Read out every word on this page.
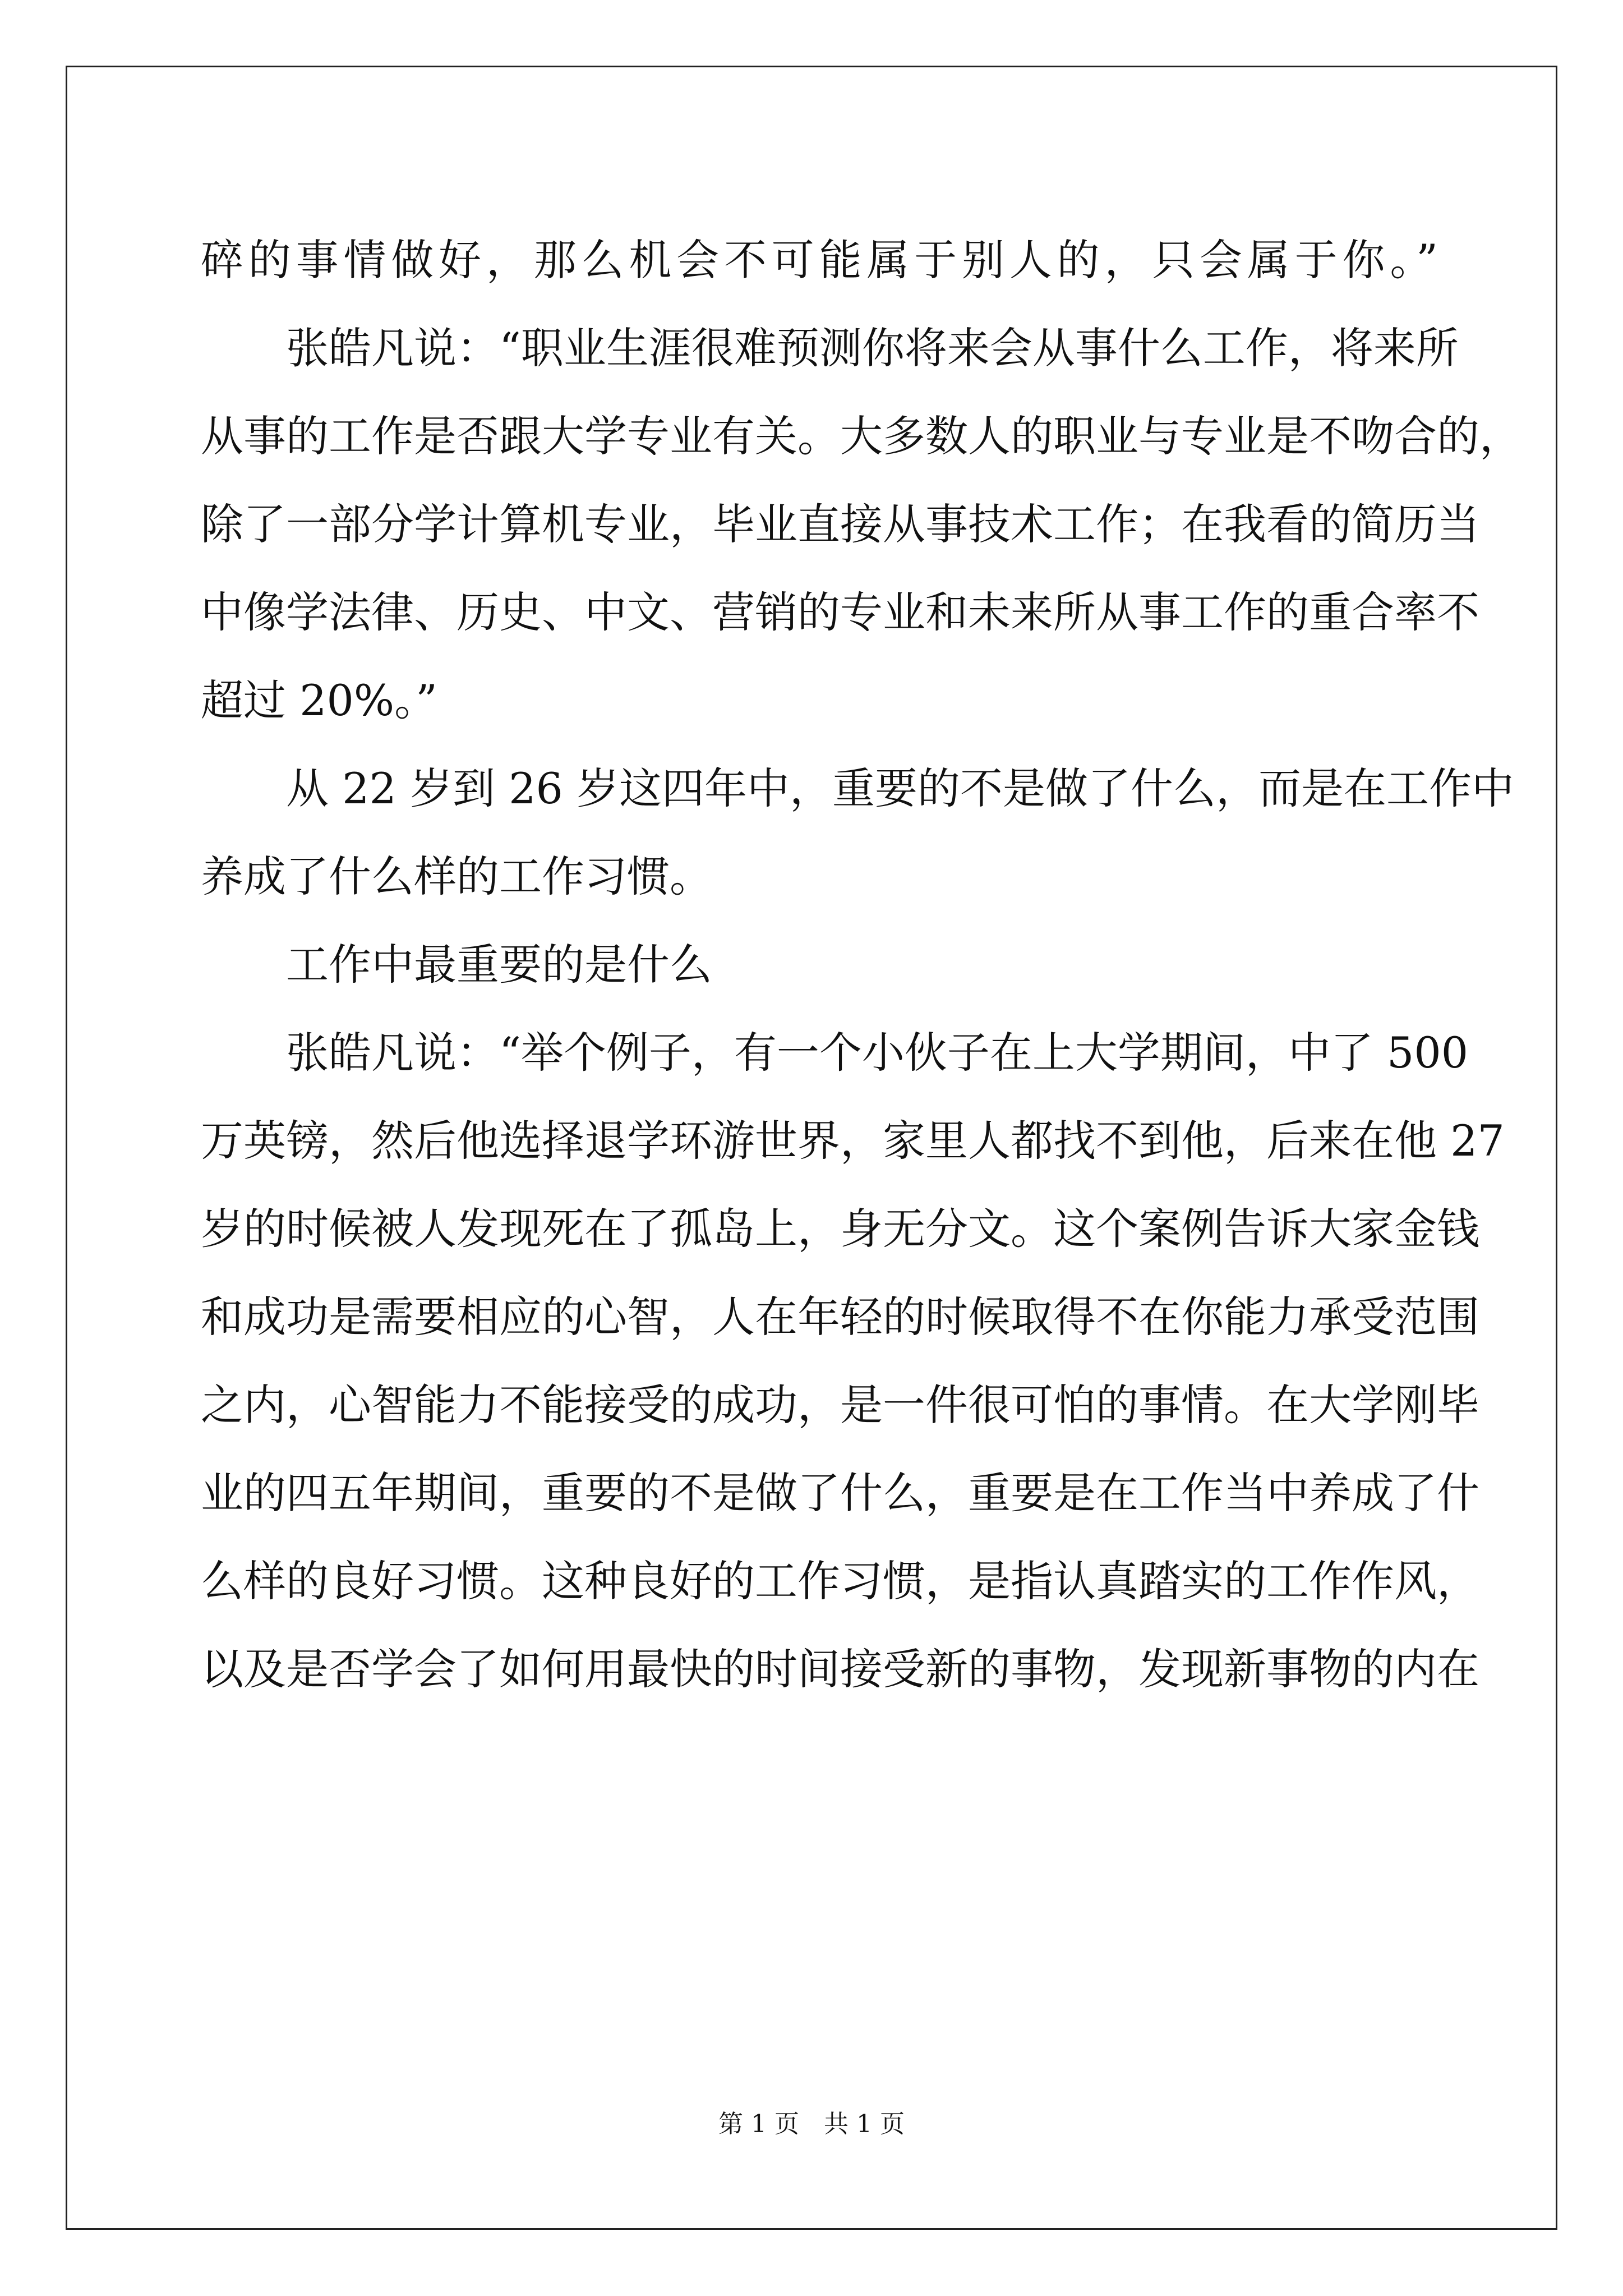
碎的事情做好，那么机会不可能属于别人的，只会属于你。”
张皓凡说：“职业生涯很难预测你将来会从事什么工作，将来所
从事的工作是否跟大学专业有关。大多数人的职业与专业是不吻合的，
除了一部分学计算机专业，毕业直接从事技术工作；在我看的简历当
中像学法律、历史、中文、营销的专业和未来所从事工作的重合率不
超过 20%。”
从 22 岁到 26 岁这四年中，重要的不是做了什么，而是在工作中
养成了什么样的工作习惯。
工作中最重要的是什么
张皓凡说：“举个例子，有一个小伙子在上大学期间，中了 500
万英镑，然后他选择退学环游世界，家里人都找不到他，后来在他 27
岁的时候被人发现死在了孤岛上，身无分文。这个案例告诉大家金钱
和成功是需要相应的心智，人在年轻的时候取得不在你能力承受范围
之内，心智能力不能接受的成功，是一件很可怕的事情。在大学刚毕
业的四五年期间，重要的不是做了什么，重要是在工作当中养成了什
么样的良好习惯。这种良好的工作习惯，是指认真踏实的工作作风，
以及是否学会了如何用最快的时间接受新的事物，发现新事物的内在
第 1 页　共 1 页
